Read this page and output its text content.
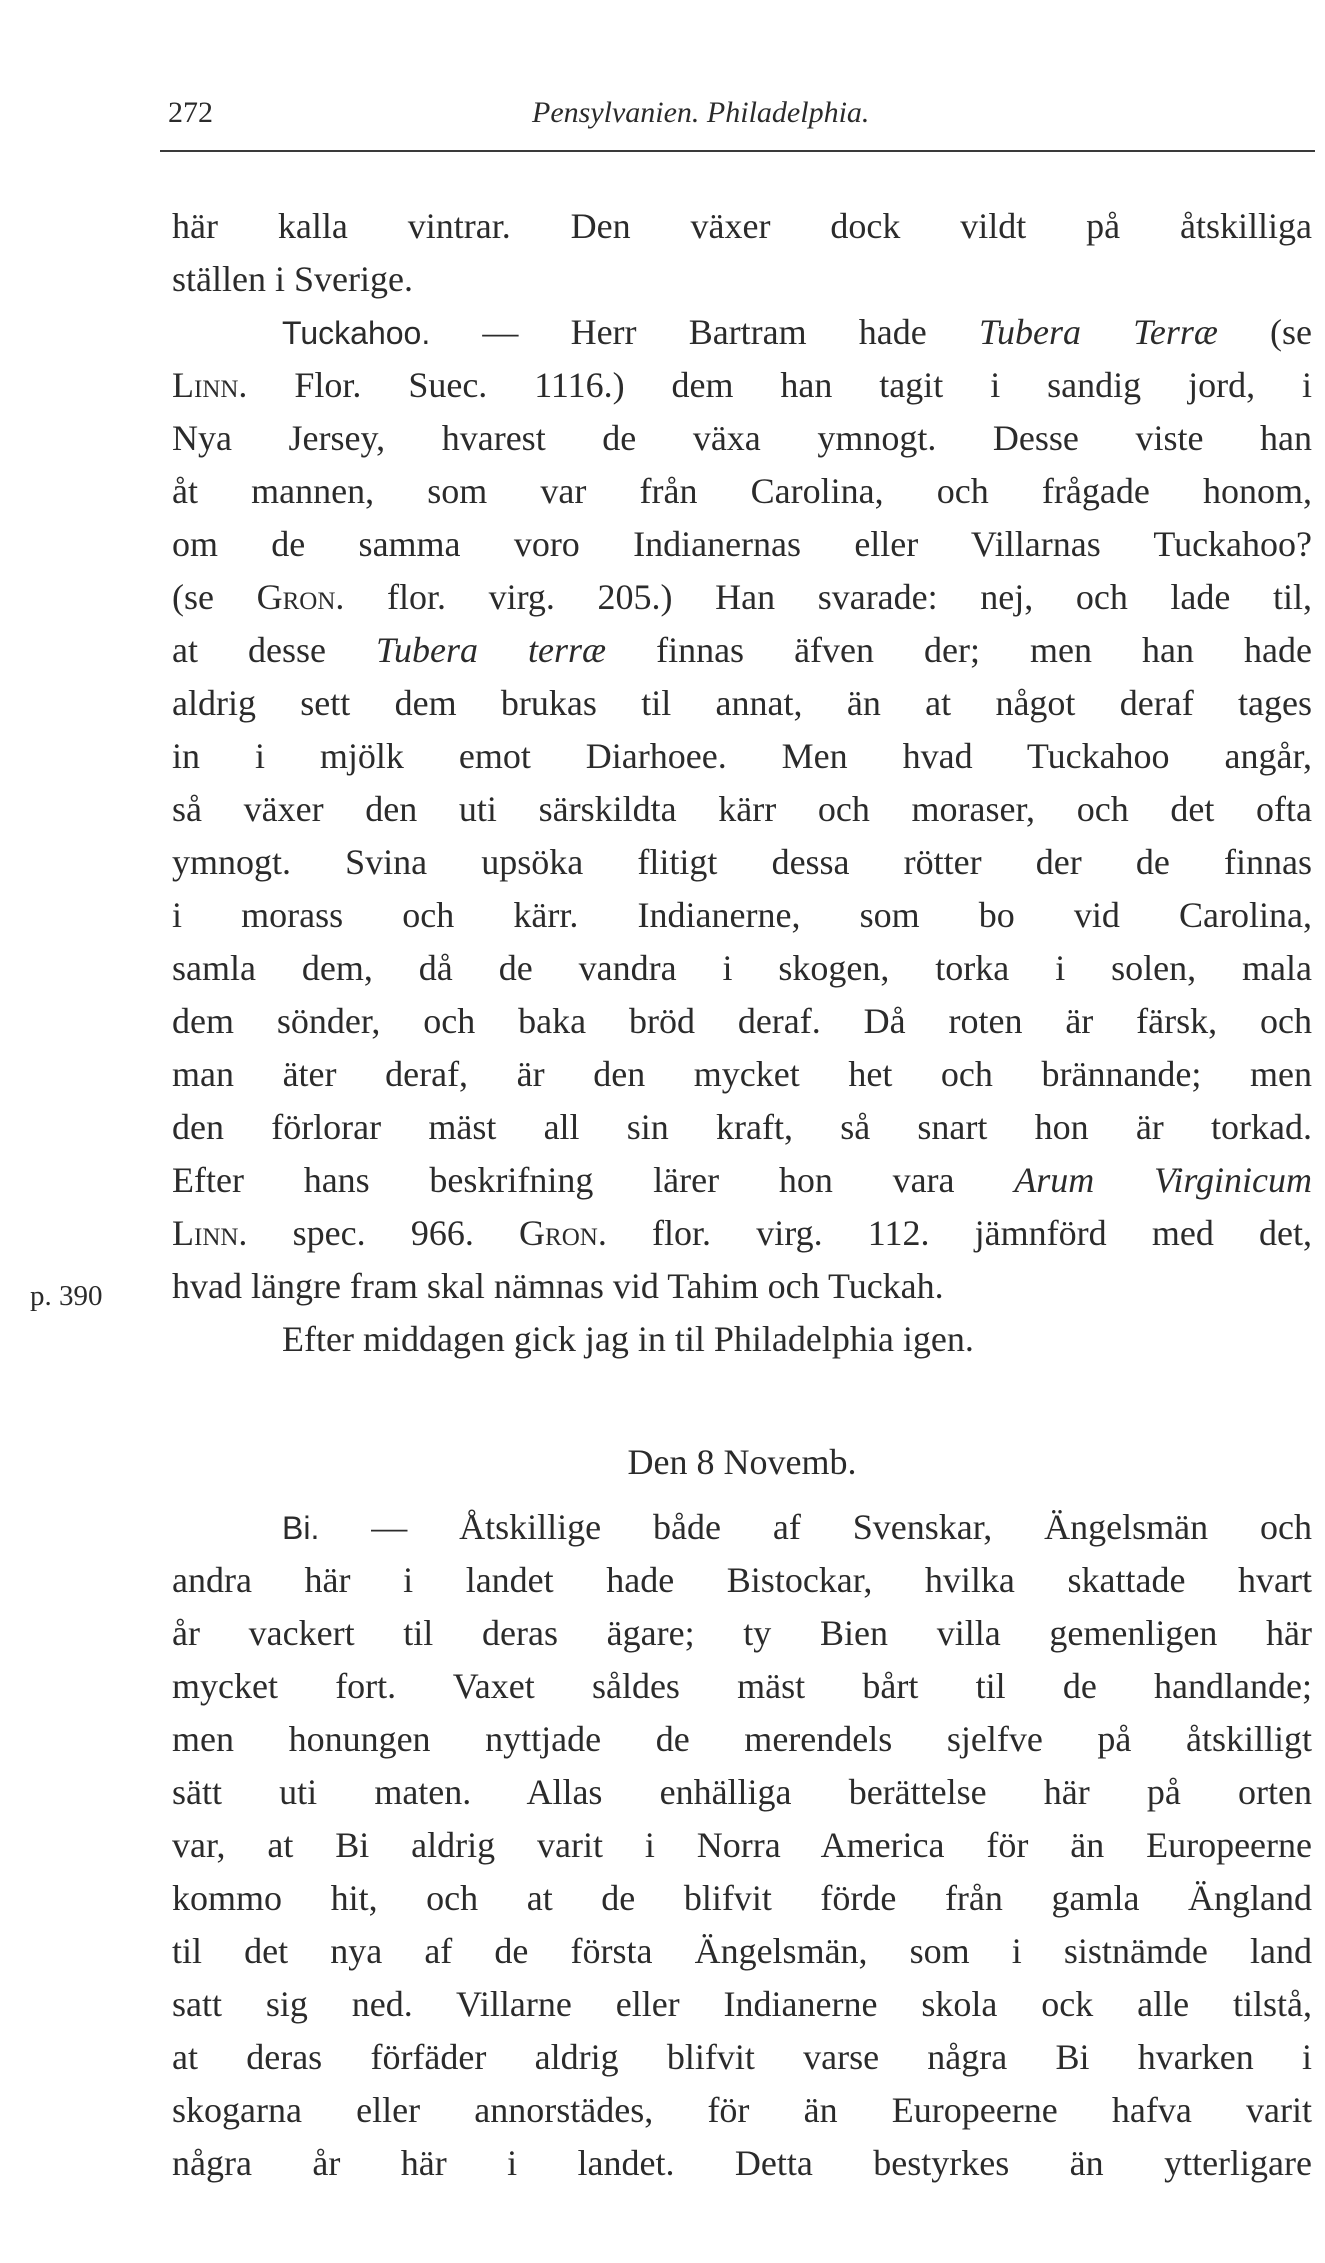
272	Pensylvanien. Philadelphia.
p. 390
här kalla vintrar. Den växer dock vildt på åtskilliga
ställen i Sverige.
Tuckahoo. — Herr Bartram hade Tubera Terræ (se
Linn. Flor. Suec. 1116.) dem han tagit i sandig jord, i
Nya Jersey, hvarest de växa ymnogt. Desse viste han
åt mannen, som var från Carolina, och frågade honom,
om de samma voro Indianernas eller Villarnas Tuckahoo?
(se Gron. flor. virg. 205.) Han svarade: nej, och lade til,
at desse Tubera terræ finnas äfven der; men han hade
aldrig sett dem brukas til annat, än at något deraf tages
in i mjölk emot Diarhoee. Men hvad Tuckahoo angår,
så växer den uti särskildta kärr och moraser, och det ofta
ymnogt. Svina upsöka flitigt dessa rötter der de finnas
i morass och kärr. Indianerne, som bo vid Carolina,
samla dem, då de vandra i skogen, torka i solen, mala
dem sönder, och baka bröd deraf. Då roten är färsk, och
man äter deraf, är den mycket het och brännande; men
den förlorar mäst all sin kraft, så snart hon är torkad.
Efter hans beskrifning lärer hon vara Arum Virginicum
Linn. spec. 966. Gron. flor. virg. 112. jämnförd med det,
hvad längre fram skal nämnas vid Tahim och Tuckah.
Efter middagen gick jag in til Philadelphia igen.
Den 8 Novemb.
Bi. — Åtskillige både af Svenskar, Ängelsmän och
andra här i landet hade Bistockar, hvilka skattade hvart
år vackert til deras ägare; ty Bien villa gemenligen här
mycket fort. Vaxet såldes mäst bårt til de handlande;
men honungen nyttjade de merendels sjelfve på åtskilligt
sätt uti maten. Allas enhälliga berättelse här på orten
var, at Bi aldrig varit i Norra America för än Europeerne
kommo hit, och at de blifvit förde från gamla Ängland
til det nya af de första Ängelsmän, som i sistnämde land
satt sig ned. Villarne eller Indianerne skola ock alle tilstå,
at deras förfäder aldrig blifvit varse några Bi hvarken i
skogarna eller annorstädes, för än Europeerne hafva varit
några år här i landet. Detta bestyrkes än ytterligare
